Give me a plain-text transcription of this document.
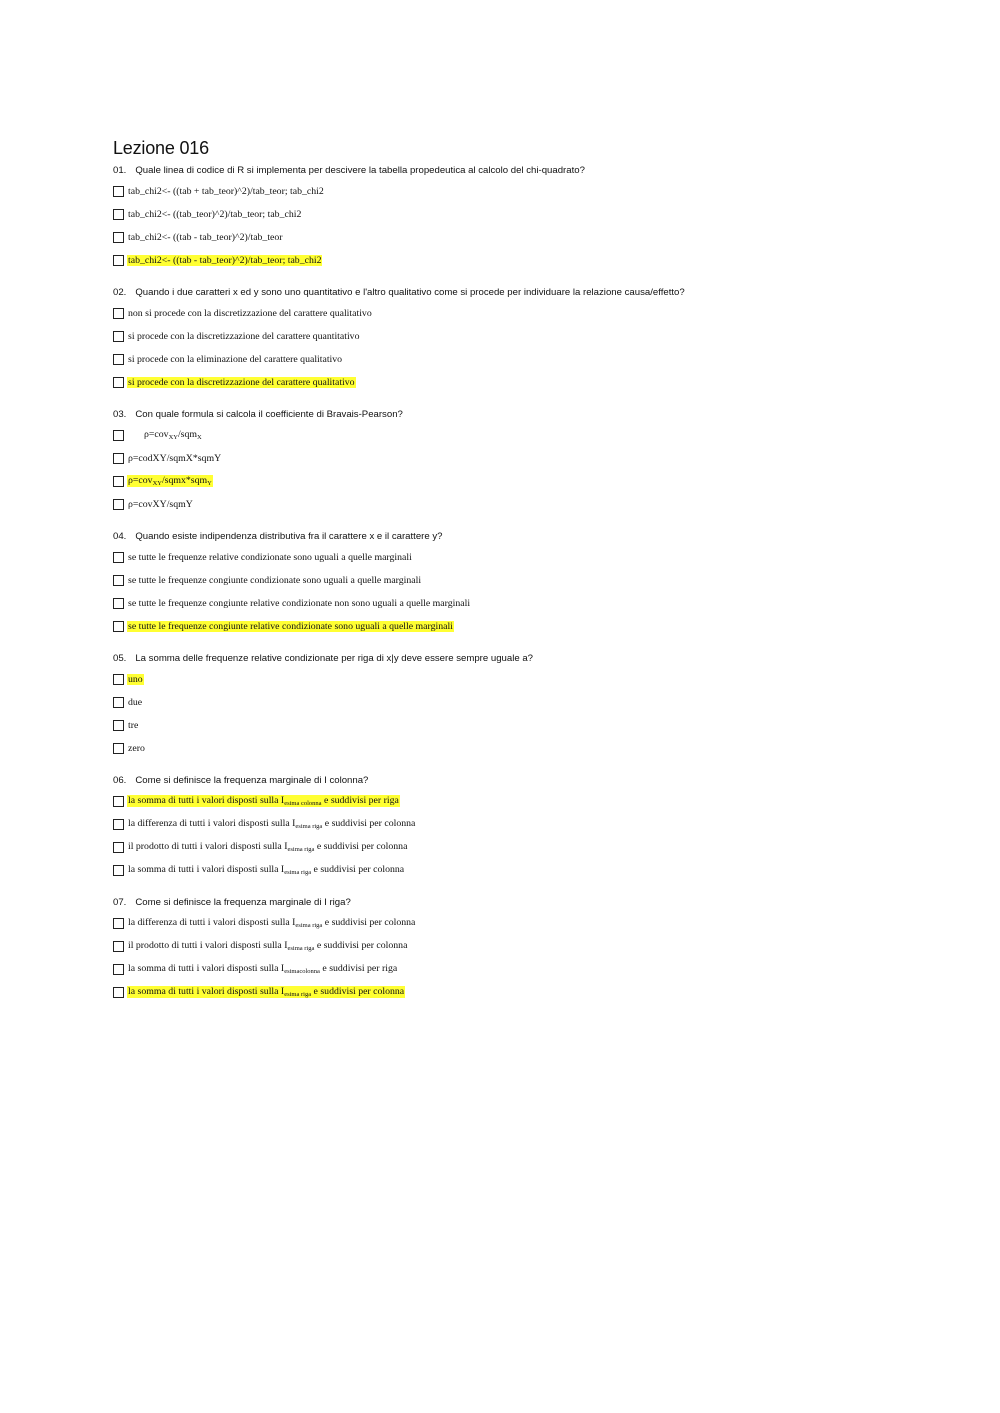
Lezione 016
01. Quale linea di codice di R si implementa per descivere la tabella propedeutica al calcolo del chi-quadrato?
tab_chi2<- ((tab + tab_teor)^2)/tab_teor; tab_chi2
tab_chi2<- ((tab_teor)^2)/tab_teor; tab_chi2
tab_chi2<- ((tab - tab_teor)^2)/tab_teor
tab_chi2<- ((tab - tab_teor)^2)/tab_teor; tab_chi2
02. Quando i due caratteri x ed y sono uno quantitativo e l'altro qualitativo come si procede per individuare la relazione causa/effetto?
non si procede con la discretizzazione del carattere qualitativo
si procede con la discretizzazione del carattere quantitativo
si procede con la eliminazione del carattere qualitativo
si procede con la discretizzazione del carattere qualitativo
03. Con quale formula si calcola il coefficiente di Bravais-Pearson?
ρ=cov$_{XY}$/sqm$_X$
ρ=codXY/sqmX*sqmY
ρ=cov$_{XY}$/sqmx*sqm$_Y$
ρ=covXY/sqmY
04. Quando esiste indipendenza distributiva fra il carattere x e il carattere y?
se tutte le frequenze relative condizionate sono uguali a quelle marginali
se tutte le frequenze congiunte condizionate sono uguali a quelle marginali
se tutte le frequenze congiunte relative condizionate non sono uguali a quelle marginali
se tutte le frequenze congiunte relative condizionate sono uguali a quelle marginali
05. La somma delle frequenze relative condizionate per riga di x|y deve essere sempre uguale a?
uno
due
tre
zero
06. Come si definisce la frequenza marginale di I colonna?
la somma di tutti i valori disposti sulla $I_{esima colonna}$ e suddivisi per riga
la differenza di tutti i valori disposti sulla $I_{esima riga}$ e suddivisi per colonna
il prodotto di tutti i valori disposti sulla $I_{esima riga}$ e suddivisi per colonna
la somma di tutti i valori disposti sulla $I_{esima riga}$ e suddivisi per colonna
07. Come si definisce la frequenza marginale di I riga?
la differenza di tutti i valori disposti sulla $I_{esima riga}$ e suddivisi per colonna
il prodotto di tutti i valori disposti sulla $I_{esima riga}$ e suddivisi per colonna
la somma di tutti i valori disposti sulla $I_{esimacolonna}$ e suddivisi per riga
la somma di tutti i valori disposti sulla $I_{esima riga}$ e suddivisi per colonna
